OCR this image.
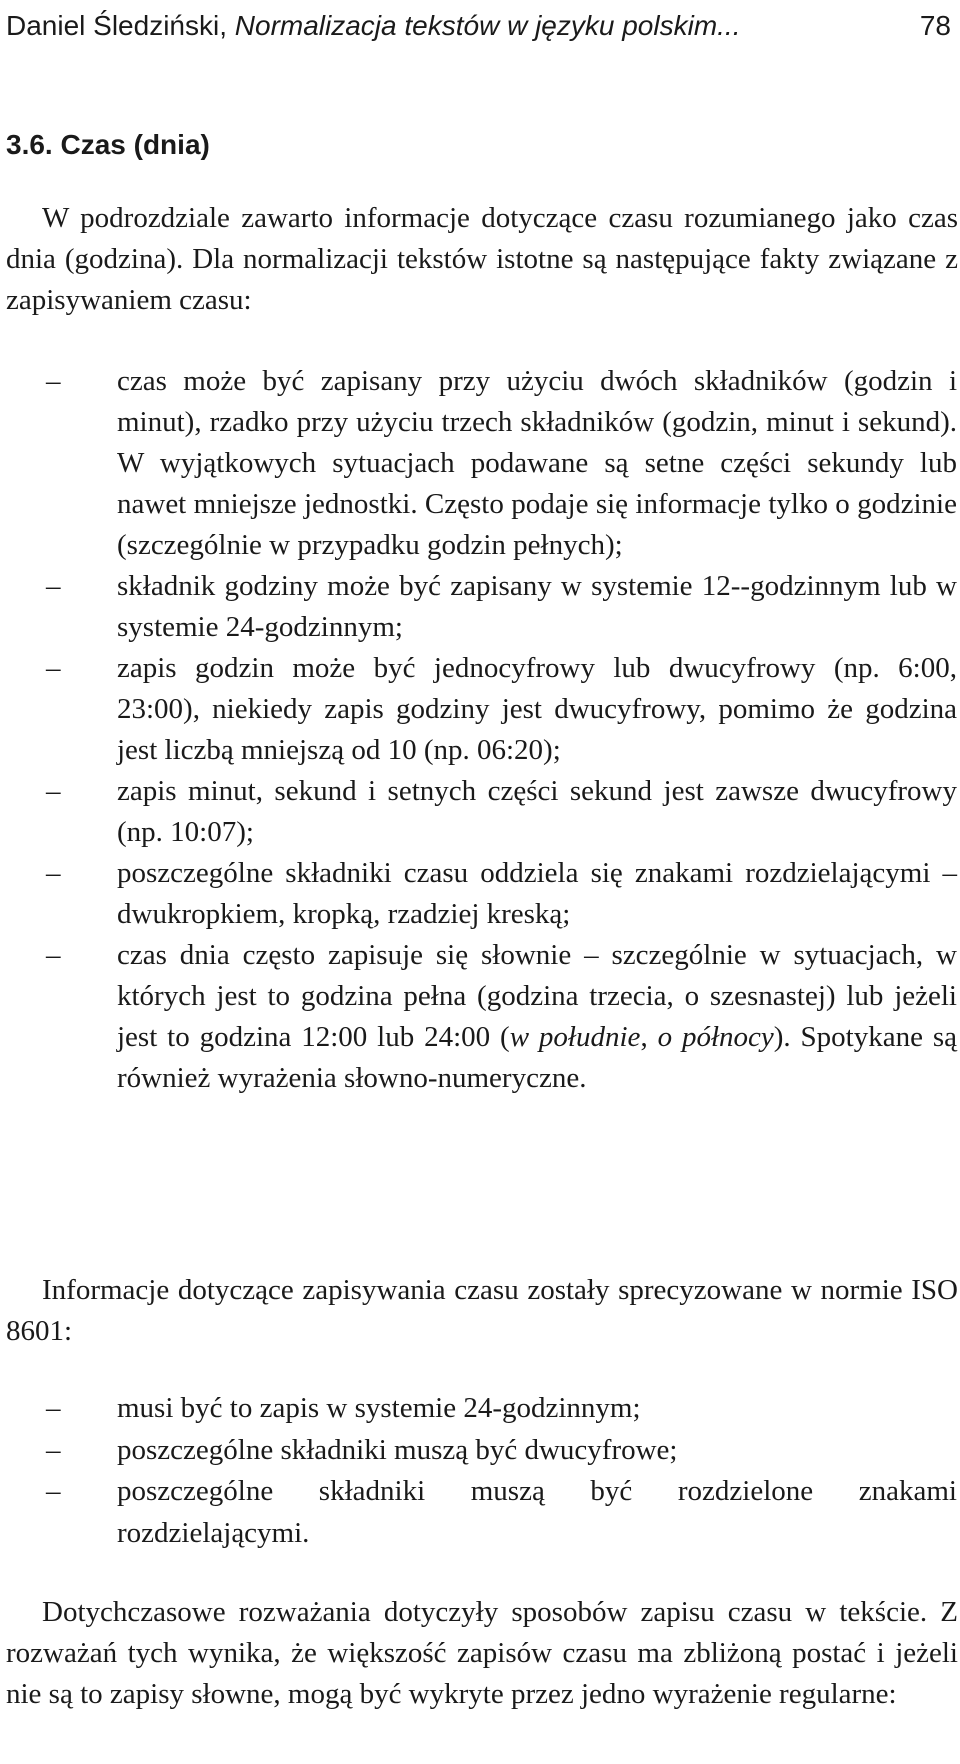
Daniel Śledziński, Normalizacja tekstów w języku polskim...	78
3.6. Czas (dnia)

W podrozdziale zawarto informacje dotyczące czasu rozumianego jako czas dnia (godzina). Dla normalizacji tekstów istotne są następujące fakty związane z zapisywaniem czasu:

– czas może być zapisany przy użyciu dwóch składników (godzin i minut), rzadko przy użyciu trzech składników (godzin, minut i sekund). W wyjątkowych sytuacjach podawane są setne części sekundy lub nawet mniejsze jednostki. Często podaje się informacje tylko o godzinie (szczególnie w przypadku godzin pełnych);
– składnik godziny może być zapisany w systemie 12--godzinnym lub w systemie 24-godzinnym;
– zapis godzin może być jednocyfrowy lub dwucyfrowy (np. 6:00, 23:00), niekiedy zapis godziny jest dwucyfrowy, pomimo że godzina jest liczbą mniejszą od 10 (np. 06:20);
– zapis minut, sekund i setnych części sekund jest zawsze dwucyfrowy (np. 10:07);
– poszczególne składniki czasu oddziela się znakami rozdzielającymi – dwukropkiem, kropką, rzadziej kreską;
– czas dnia często zapisuje się słownie – szczególnie w sytuacjach, w których jest to godzina pełna (godzina trzecia, o szesnastej) lub jeżeli jest to godzina 12:00 lub 24:00 (w południe, o północy). Spotykane są również wyrażenia słowno-numeryczne.

Informacje dotyczące zapisywania czasu zostały sprecyzowane w normie ISO 8601:

– musi być to zapis w systemie 24-godzinnym;
– poszczególne składniki muszą być dwucyfrowe;
– poszczególne składniki muszą być rozdzielone znakami rozdzielającymi.

Dotychczasowe rozważania dotyczyły sposobów zapisu czasu w tekście. Z rozważań tych wynika, że większość zapisów czasu ma zbliżoną postać i jeżeli nie są to zapisy słowne, mogą być wykryte przez jedno wyrażenie regularne:
